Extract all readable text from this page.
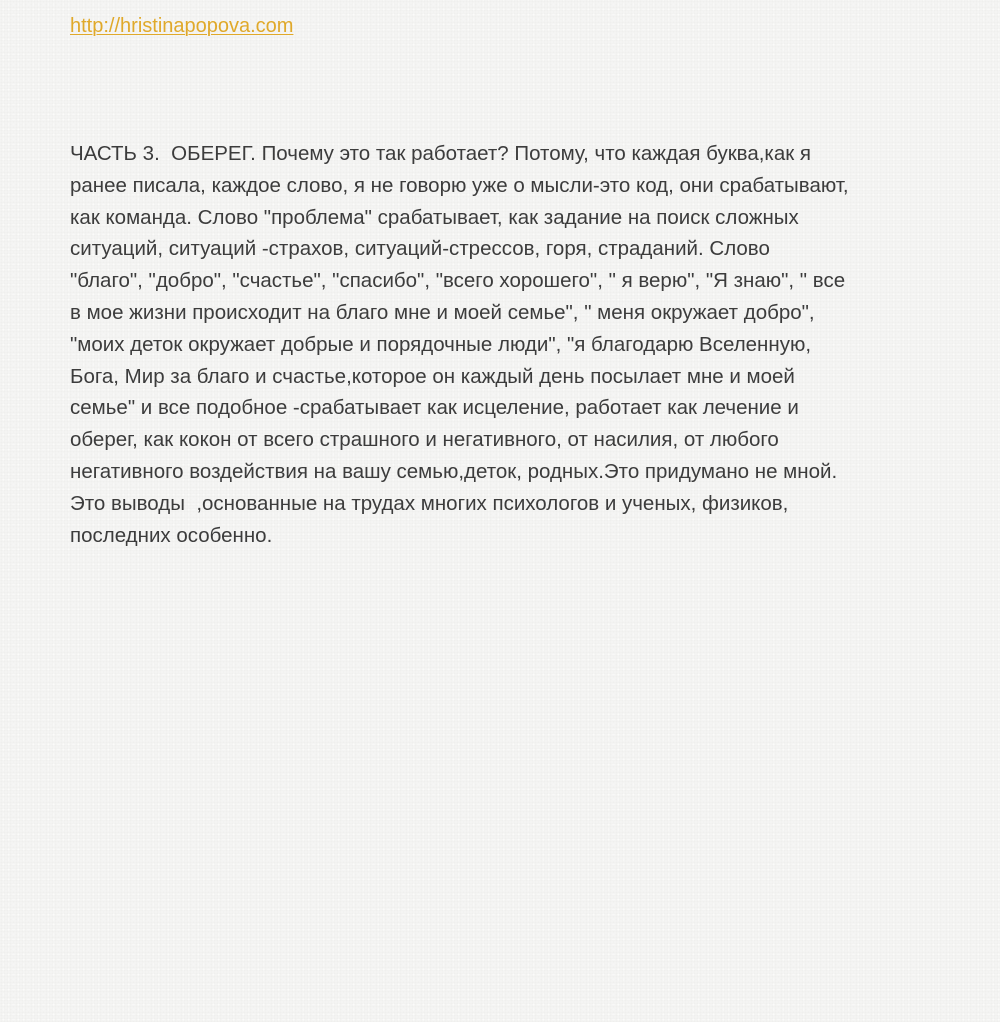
http://hristinapopova.com
ЧАСТЬ 3.  ОБЕРЕГ. Почему это так работает? Потому, что каждая буква,как я
ранее писала, каждое слово, я не говорю уже о мысли-это код, они срабатывают,
как команда. Слово "проблема" срабатывает, как задание на поиск сложных
ситуаций, ситуаций -страхов, ситуаций-стрессов, горя, страданий. Слово
"благо", "добро", "счастье", "спасибо", "всего хорошего", " я верю", "Я знаю", " все
в мое жизни происходит на благо мне и моей семье", " меня окружает добро",
"моих деток окружает добрые и порядочные люди", "я благодарю Вселенную,
Бога, Мир за благо и счастье,которое он каждый день посылает мне и моей
семье" и все подобное -срабатывает как исцеление, работает как лечение и
оберег, как кокон от всего страшного и негативного, от насилия, от любого
негативного воздействия на вашу семью,деток, родных.Это придумано не мной.
Это выводы  ,основанные на трудах многих психологов и ученых, физиков,
последних особенно.
